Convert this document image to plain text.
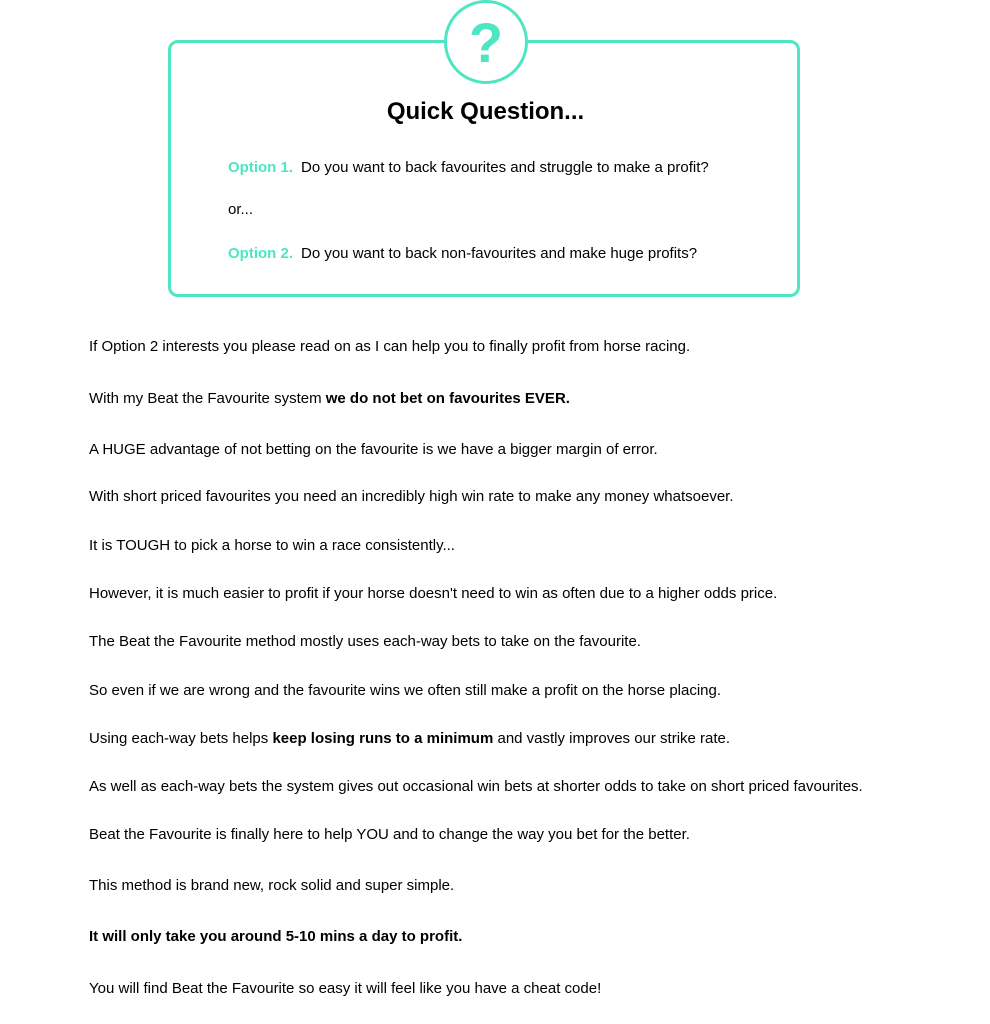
?
Quick Question...
Option 1. Do you want to back favourites and struggle to make a profit?
or...
Option 2. Do you want to back non-favourites and make huge profits?

If Option 2 interests you please read on as I can help you to finally profit from horse racing.

With my Beat the Favourite system we do not bet on favourites EVER.

A HUGE advantage of not betting on the favourite is we have a bigger margin of error.

With short priced favourites you need an incredibly high win rate to make any money whatsoever.

It is TOUGH to pick a horse to win a race consistently...

However, it is much easier to profit if your horse doesn't need to win as often due to a higher odds price.

The Beat the Favourite method mostly uses each-way bets to take on the favourite.

So even if we are wrong and the favourite wins we often still make a profit on the horse placing.

Using each-way bets helps keep losing runs to a minimum and vastly improves our strike rate.

As well as each-way bets the system gives out occasional win bets at shorter odds to take on short priced favourites.

Beat the Favourite is finally here to help YOU and to change the way you bet for the better.

This method is brand new, rock solid and super simple.

It will only take you around 5-10 mins a day to profit.

You will find Beat the Favourite so easy it will feel like you have a cheat code!
